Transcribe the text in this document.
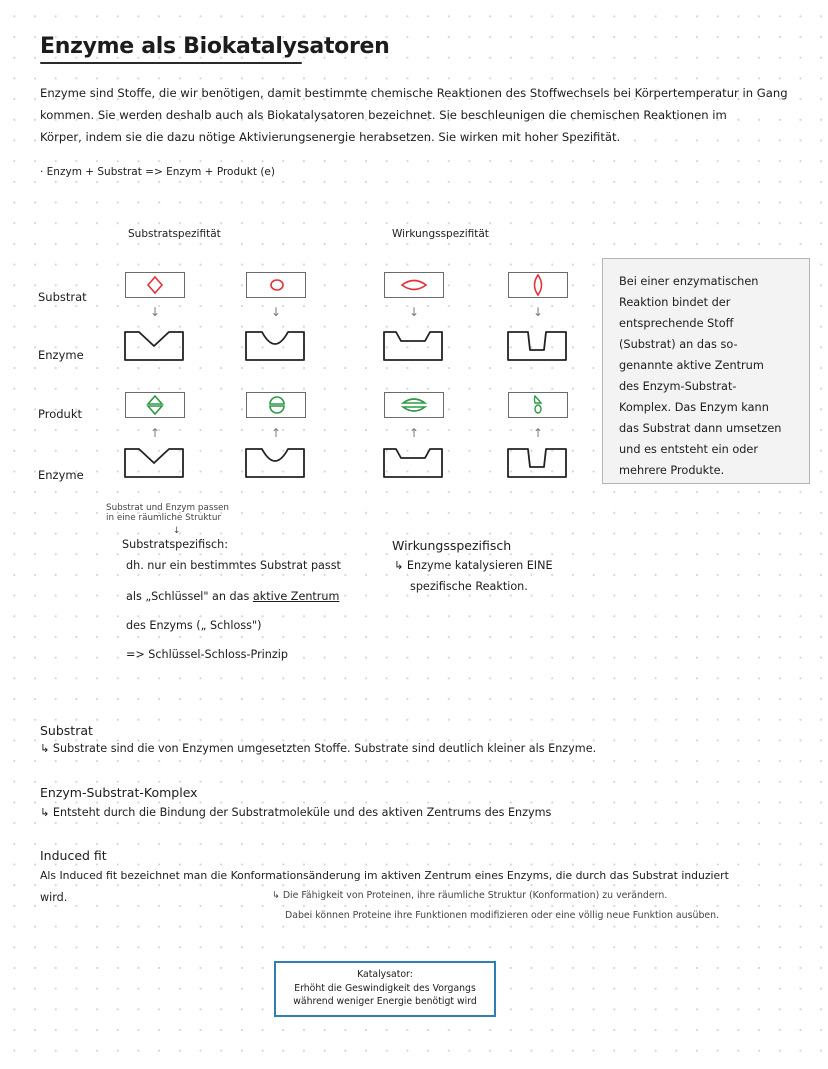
Enzyme als Biokatalysatoren
Enzyme sind Stoffe, die wir benötigen, damit bestimmte chemische Reaktionen des Stoffwechsels bei Körpertemperatur in Gang
kommen. Sie werden deshalb auch als Biokatalysatoren bezeichnet. Sie beschleunigen die chemischen Reaktionen im
Körper, indem sie die dazu nötige Aktivierungsenergie herabsetzen. Sie wirken mit hoher Spezifität.
· Enzym + Substrat => Enzym + Produkt (e)
Substratspezifität	Wirkungsspezifität
Substrat
Enzyme
Produkt
Enzyme
↓	↓	↓	↓
↑	↑	↑	↑
Bei einer enzymatischen
Reaktion bindet der
entsprechende Stoff
(Substrat) an das so-
genannte aktive Zentrum
des Enzym-Substrat-
Komplex. Das Enzym kann
das Substrat dann umsetzen
und es entsteht ein oder
mehrere Produkte.
Substrat und Enzym passen
in eine räumliche Struktur
↓
Substratspezifisch:
dh. nur ein bestimmtes Substrat passt
als „Schlüssel" an das aktive Zentrum
des Enzyms („ Schloss")
=> Schlüssel-Schloss-Prinzip
Wirkungsspezifisch
↳ Enzyme katalysieren EINE
spezifische Reaktion.
Substrat
↳ Substrate sind die von Enzymen umgesetzten Stoffe. Substrate sind deutlich kleiner als Enzyme.
Enzym-Substrat-Komplex
↳ Entsteht durch die Bindung der Substratmoleküle und des aktiven Zentrums des Enzyms
Induced fit
Als Induced fit bezeichnet man die Konformationsänderung im aktiven Zentrum eines Enzyms, die durch das Substrat induziert
wird.	↳ Die Fähigkeit von Proteinen, ihre räumliche Struktur (Konformation) zu verändern.
Dabei können Proteine ihre Funktionen modifizieren oder eine völlig neue Funktion ausüben.
Katalysator:
Erhöht die Geswindigkeit des Vorgangs
während weniger Energie benötigt wird
